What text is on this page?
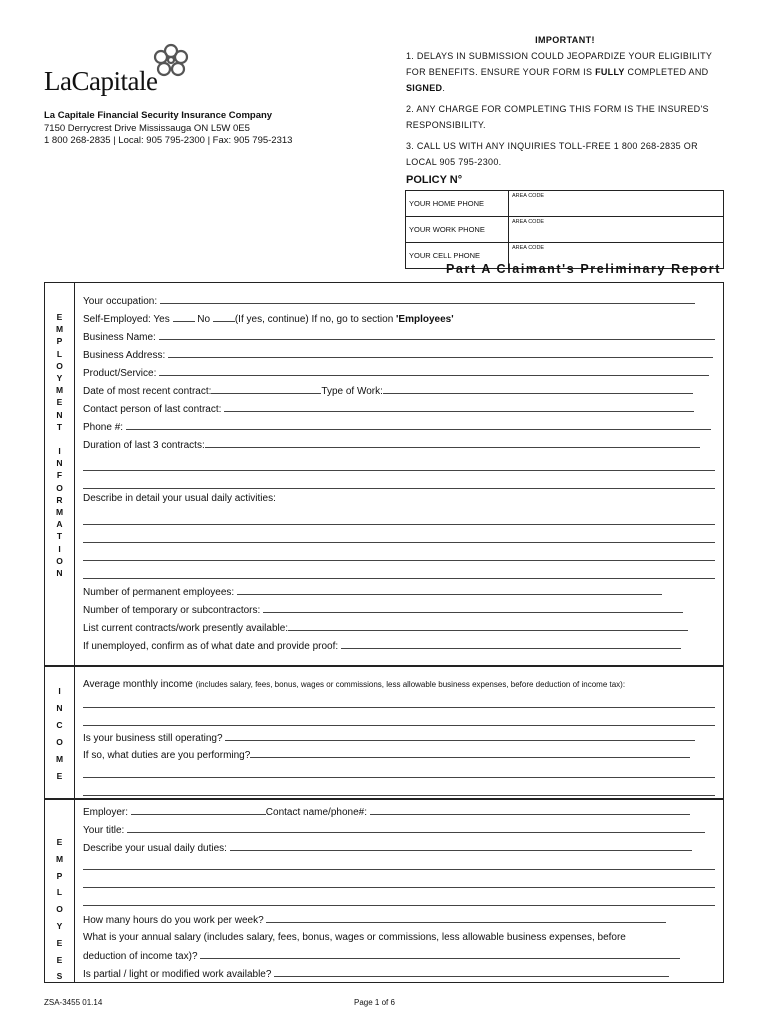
LaCapitale
La Capitale Financial Security Insurance Company
7150 Derrycrest Drive Mississauga ON L5W 0E5
1 800 268-2835 | Local: 905 795-2300 | Fax: 905 795-2313
IMPORTANT!

1. DELAYS IN SUBMISSION COULD JEOPARDIZE YOUR ELIGIBILITY FOR BENEFITS. ENSURE YOUR FORM IS FULLY COMPLETED AND SIGNED.

2. ANY CHARGE FOR COMPLETING THIS FORM IS THE INSURED'S RESPONSIBILITY.

3. CALL US WITH ANY INQUIRIES TOLL-FREE 1 800 268-2835 OR LOCAL 905 795-2300.

POLICY N°
YOUR HOME PHONE	AREA CODE
YOUR WORK PHONE	AREA CODE
YOUR CELL PHONE	AREA CODE
Part A Claimant's Preliminary Report
E
M
P
L
O
Y
M
E
N
T
I
N
F
O
R
M
A
T
I
O
N
Your occupation:
Self-Employed: Yes  No (If yes, continue) If no, go to section 'Employees'
Business Name:
Business Address:
Product/Service:
Date of most recent contract:	Type of Work:
Contact person of last contract:
Phone #:
Duration of last 3 contracts:
Describe in detail your usual daily activities:
Number of permanent employees:
Number of temporary or subcontractors:
List current contracts/work presently available:
If unemployed, confirm as of what date and provide proof:
I
N
C
O
M
E
Average monthly income (includes salary, fees, bonus, wages or commissions, less allowable business expenses, before deduction of income tax):
Is your business still operating?
If so, what duties are you performing?
E
M
P
L
O
Y
E
E
S
Employer:	Contact name/phone#:
Your title:
Describe your usual daily duties:
How many hours do you work per week?
What is your annual salary (includes salary, fees, bonus, wages or commissions, less allowable business expenses, before
deduction of income tax)?
Is partial / light or modified work available?
ZSA-3455 01.14	Page 1 of 6
